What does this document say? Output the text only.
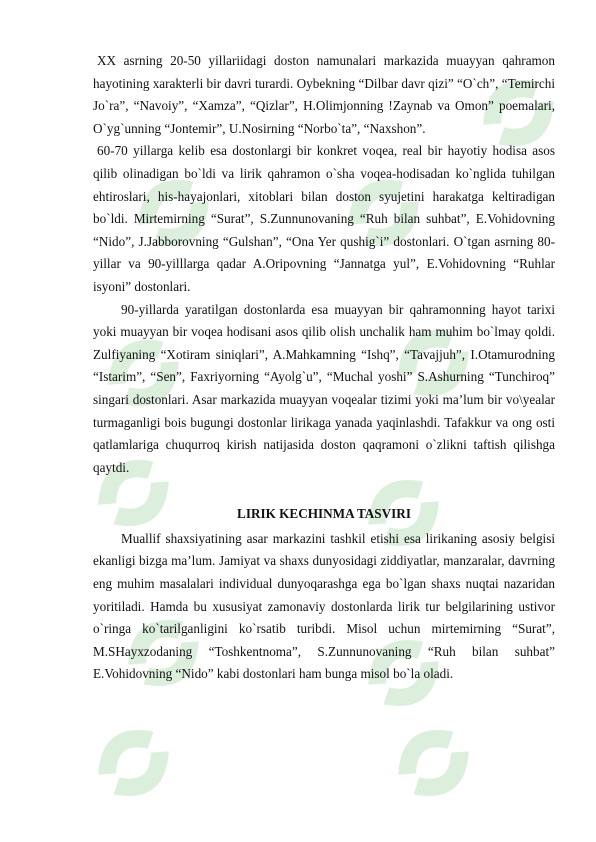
XX asrning 20-50 yillariidagi doston namunalari markazida muayyan qahramon hayotining xarakterli bir davri turardi. Oybekning “Dilbar davr qizi” “O`ch”, “Temirchi Jo`ra”, “Navoiy”, “Xamza”, “Qizlar”, H.Olimjonning !Zaynab va Omon” poemalari, O`yg`unning “Jontemir”, U.Nosirning “Norbo`ta”, “Naxshon”.

60-70 yillarga kelib esa dostonlargi bir konkret voqea, real bir hayotiy hodisa asos qilib olinadigan bo`ldi va lirik qahramon o`sha voqea-hodisadan ko`nglida tuhilgan ehtiroslari, his-hayajonlari, xitoblari bilan doston syujetini harakatga keltiradigan bo`ldi. Mirtemirning “Surat”, S.Zunnunovaning “Ruh bilan suhbat”, E.Vohidovning “Nido”, J.Jabborovning “Gulshan”, “Ona Yer qushig`i” dostonlari. O`tgan asrning 80-yillar va 90-yilllarga qadar A.Oripovning “Jannatga yul”, E.Vohidovning “Ruhlar isyoni” dostonlari.

90-yillarda yaratilgan dostonlarda esa muayyan bir qahramonning hayot tarixi yoki muayyan bir voqea hodisani asos qilib olish unchalik ham muhim bo`lmay qoldi. Zulfiyaning “Xotiram siniqlari”, A.Mahkamning “Ishq”, “Tavajjuh”, I.Otamurodning “Istarim”, “Sen”, Faxriyorning “Ayolg`u”, “Muchal yoshi” S.Ashurning “Tunchiroq” singari dostonlari. Asar markazida muayyan voqealar tizimi yoki ma’lum bir vo\yealar turmaganligi bois bugungi dostonlar lirikaga yanada yaqinlashdi. Tafakkur va ong osti qatlamlariga chuqurroq kirish natijasida doston qaqramoni o`zlikni taftish qilishga qaytdi.

LIRIK KECHINMA TASVIRI

Muallif shaxsiyatining asar markazini tashkil etishi esa lirikaning asosiy belgisi ekanligi bizga ma’lum. Jamiyat va shaxs dunyosidagi ziddiyatlar, manzaralar, davrning eng muhim masalalari individual dunyoqarashga ega bo`lgan shaxs nuqtai nazaridan yoritiladi. Hamda bu xususiyat zamonaviy dostonlarda lirik tur belgilarining ustivor o`ringa ko`tarilganligini ko`rsatib turibdi. Misol uchun mirtemirning “Surat”, M.SHayxzodaning “Toshkentnoma”, S.Zunnunovaning “Ruh bilan suhbat” E.Vohidovning “Nido” kabi dostonlari ham bunga misol bo`la oladi.
